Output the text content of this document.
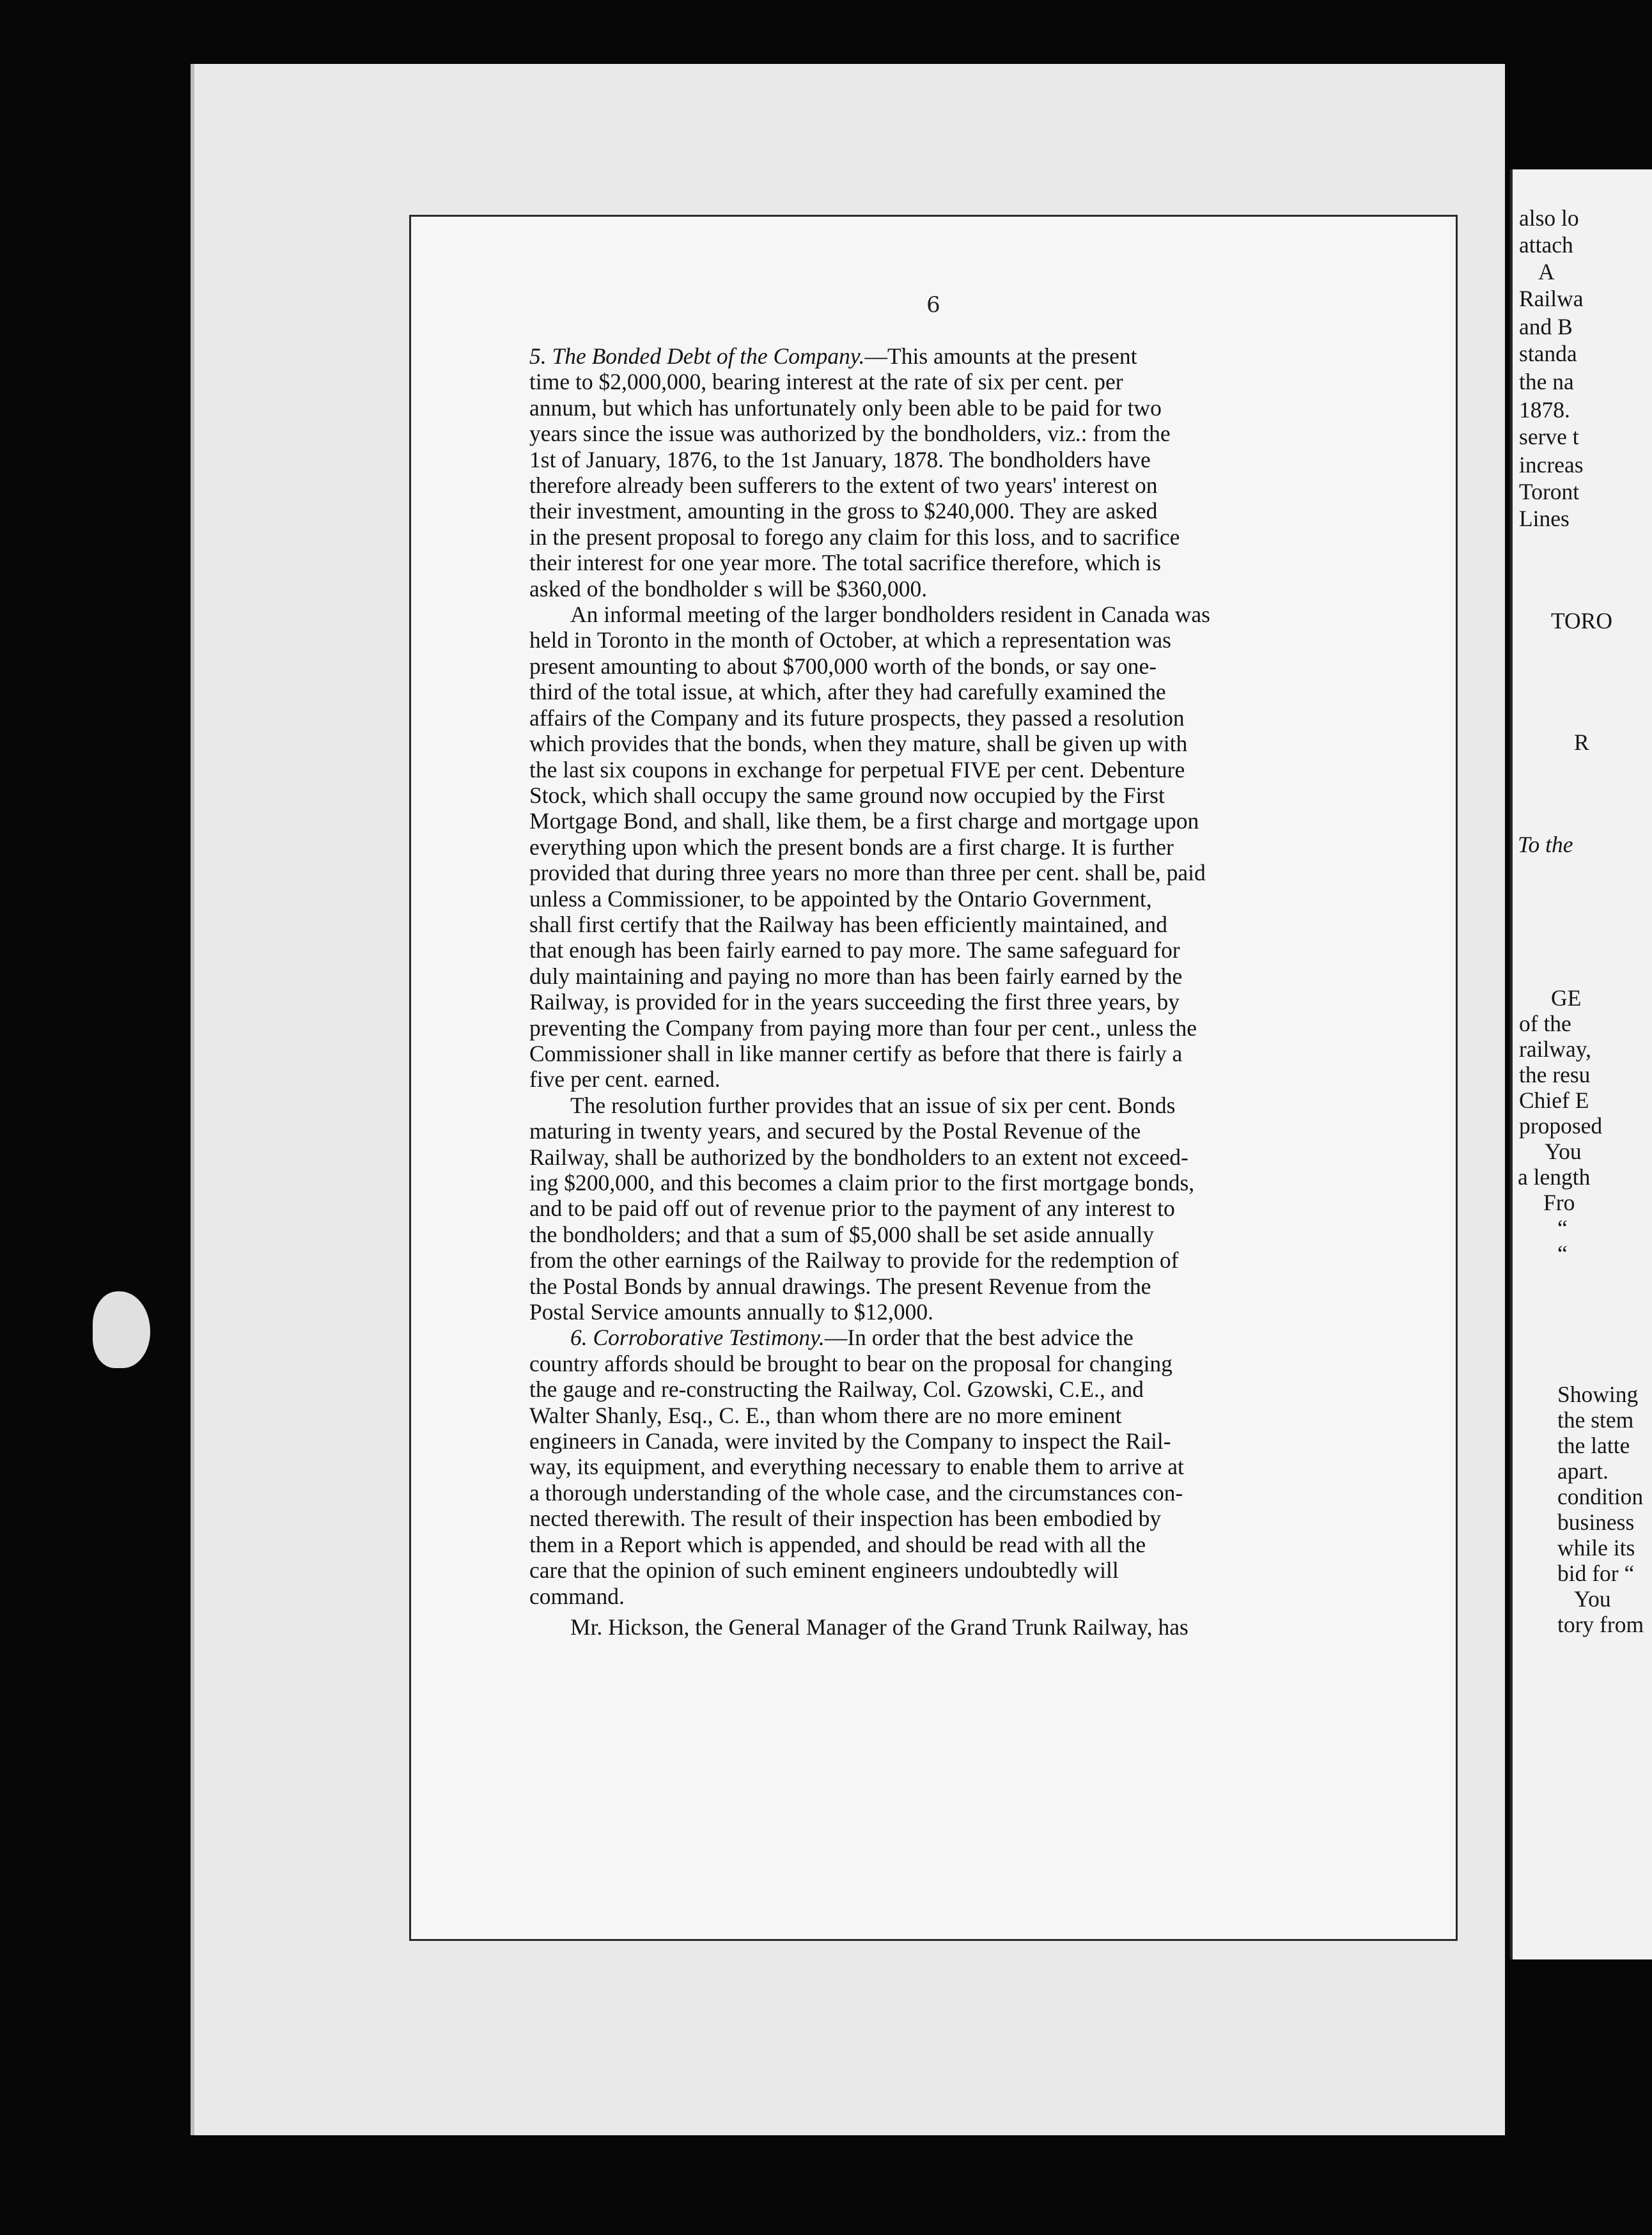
6

5. The Bonded Debt of the Company.—This amounts at the present
time to $2,000,000, bearing interest at the rate of six per cent. per
annum, but which has unfortunately only been able to be paid for two
years since the issue was authorized by the bondholders, viz.: from the
1st of January, 1876, to the 1st January, 1878. The bondholders have
therefore already been sufferers to the extent of two years' interest on
their investment, amounting in the gross to $240,000. They are asked
in the present proposal to forego any claim for this loss, and to sacrifice
their interest for one year more. The total sacrifice therefore, which is
asked of the bondholder s will be $360,000.

An informal meeting of the larger bondholders resident in Canada was
held in Toronto in the month of October, at which a representation was
present amounting to about $700,000 worth of the bonds, or say one-
third of the total issue, at which, after they had carefully examined the
affairs of the Company and its future prospects, they passed a resolution
which provides that the bonds, when they mature, shall be given up with
the last six coupons in exchange for perpetual FIVE per cent. Debenture
Stock, which shall occupy the same ground now occupied by the First
Mortgage Bond, and shall, like them, be a first charge and mortgage upon
everything upon which the present bonds are a first charge. It is further
provided that during three years no more than three per cent. shall be, paid
unless a Commissioner, to be appointed by the Ontario Government,
shall first certify that the Railway has been efficiently maintained, and
that enough has been fairly earned to pay more. The same safeguard for
duly maintaining and paying no more than has been fairly earned by the
Railway, is provided for in the years succeeding the first three years, by
preventing the Company from paying more than four per cent., unless the
Commissioner shall in like manner certify as before that there is fairly a
five per cent. earned.

The resolution further provides that an issue of six per cent. Bonds
maturing in twenty years, and secured by the Postal Revenue of the
Railway, shall be authorized by the bondholders to an extent not exceed-
ing $200,000, and this becomes a claim prior to the first mortgage bonds,
and to be paid off out of revenue prior to the payment of any interest to
the bondholders; and that a sum of $5,000 shall be set aside annually
from the other earnings of the Railway to provide for the redemption of
the Postal Bonds by annual drawings. The present Revenue from the
Postal Service amounts annually to $12,000.

6. Corroborative Testimony.—In order that the best advice the
country affords should be brought to bear on the proposal for changing
the gauge and re-constructing the Railway, Col. Gzowski, C.E., and
Walter Shanly, Esq., C. E., than whom there are no more eminent
engineers in Canada, were invited by the Company to inspect the Rail-
way, its equipment, and everything necessary to enable them to arrive at
a thorough understanding of the whole case, and the circumstances con-
nected therewith. The result of their inspection has been embodied by
them in a Report which is appended, and should be read with all the
care that the opinion of such eminent engineers undoubtedly will
command.

Mr. Hickson, the General Manager of the Grand Trunk Railway, has

also lo
attach
A
Railwa
and B
standa
the na
1878.
serve t
increas
Toront
Lines
TORO
R
To the
GE
of the
railway,
the resu
Chief E
proposed
You
a length
Fro
“
“
Showing
the stem
the latte
apart.
condition
business
while its
bid for “
You
tory from
